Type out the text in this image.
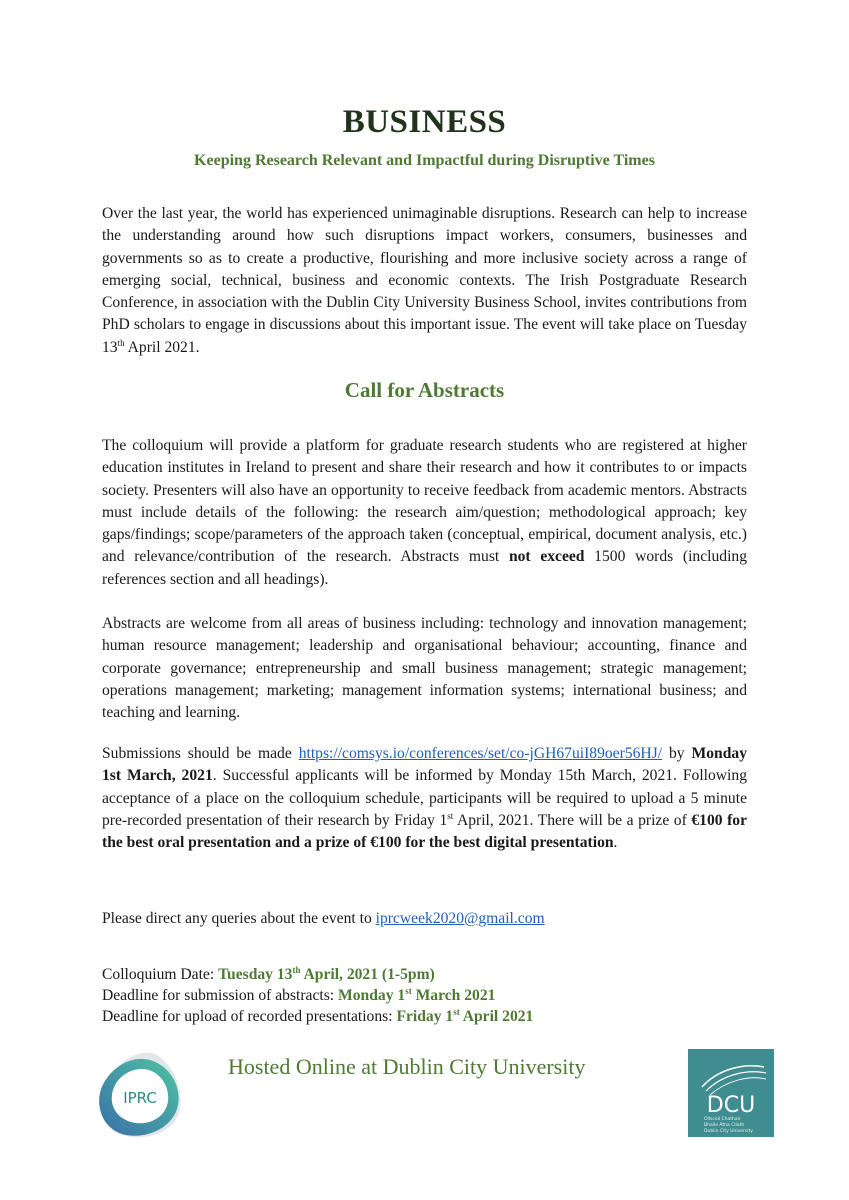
BUSINESS
Keeping Research Relevant and Impactful during Disruptive Times

Over the last year, the world has experienced unimaginable disruptions. Research can help to increase the understanding around how such disruptions impact workers, consumers, businesses and governments so as to create a productive, flourishing and more inclusive society across a range of emerging social, technical, business and economic contexts. The Irish Postgraduate Research Conference, in association with the Dublin City University Business School, invites contributions from PhD scholars to engage in discussions about this important issue. The event will take place on Tuesday 13th April 2021.

Call for Abstracts

The colloquium will provide a platform for graduate research students who are registered at higher education institutes in Ireland to present and share their research and how it contributes to or impacts society. Presenters will also have an opportunity to receive feedback from academic mentors. Abstracts must include details of the following: the research aim/question; methodological approach; key gaps/findings; scope/parameters of the approach taken (conceptual, empirical, document analysis, etc.) and relevance/contribution of the research. Abstracts must not exceed 1500 words (including references section and all headings).

Abstracts are welcome from all areas of business including: technology and innovation management; human resource management; leadership and organisational behaviour; accounting, finance and corporate governance; entrepreneurship and small business management; strategic management; operations management; marketing; management information systems; international business; and teaching and learning.

Submissions should be made https://comsys.io/conferences/set/co-jGH67uiI89oer56HJ/ by Monday 1st March, 2021. Successful applicants will be informed by Monday 15th March, 2021. Following acceptance of a place on the colloquium schedule, participants will be required to upload a 5 minute pre-recorded presentation of their research by Friday 1st April, 2021. There will be a prize of €100 for the best oral presentation and a prize of €100 for the best digital presentation.

Please direct any queries about the event to iprcweek2020@gmail.com

Colloquium Date: Tuesday 13th April, 2021 (1-5pm)
Deadline for submission of abstracts: Monday 1st March 2021
Deadline for upload of recorded presentations: Friday 1st April 2021
IPRC
Hosted Online at Dublin City University
DCU
Ollscoil Chathair
Bhaile Átha Cliath
Dublin City University
